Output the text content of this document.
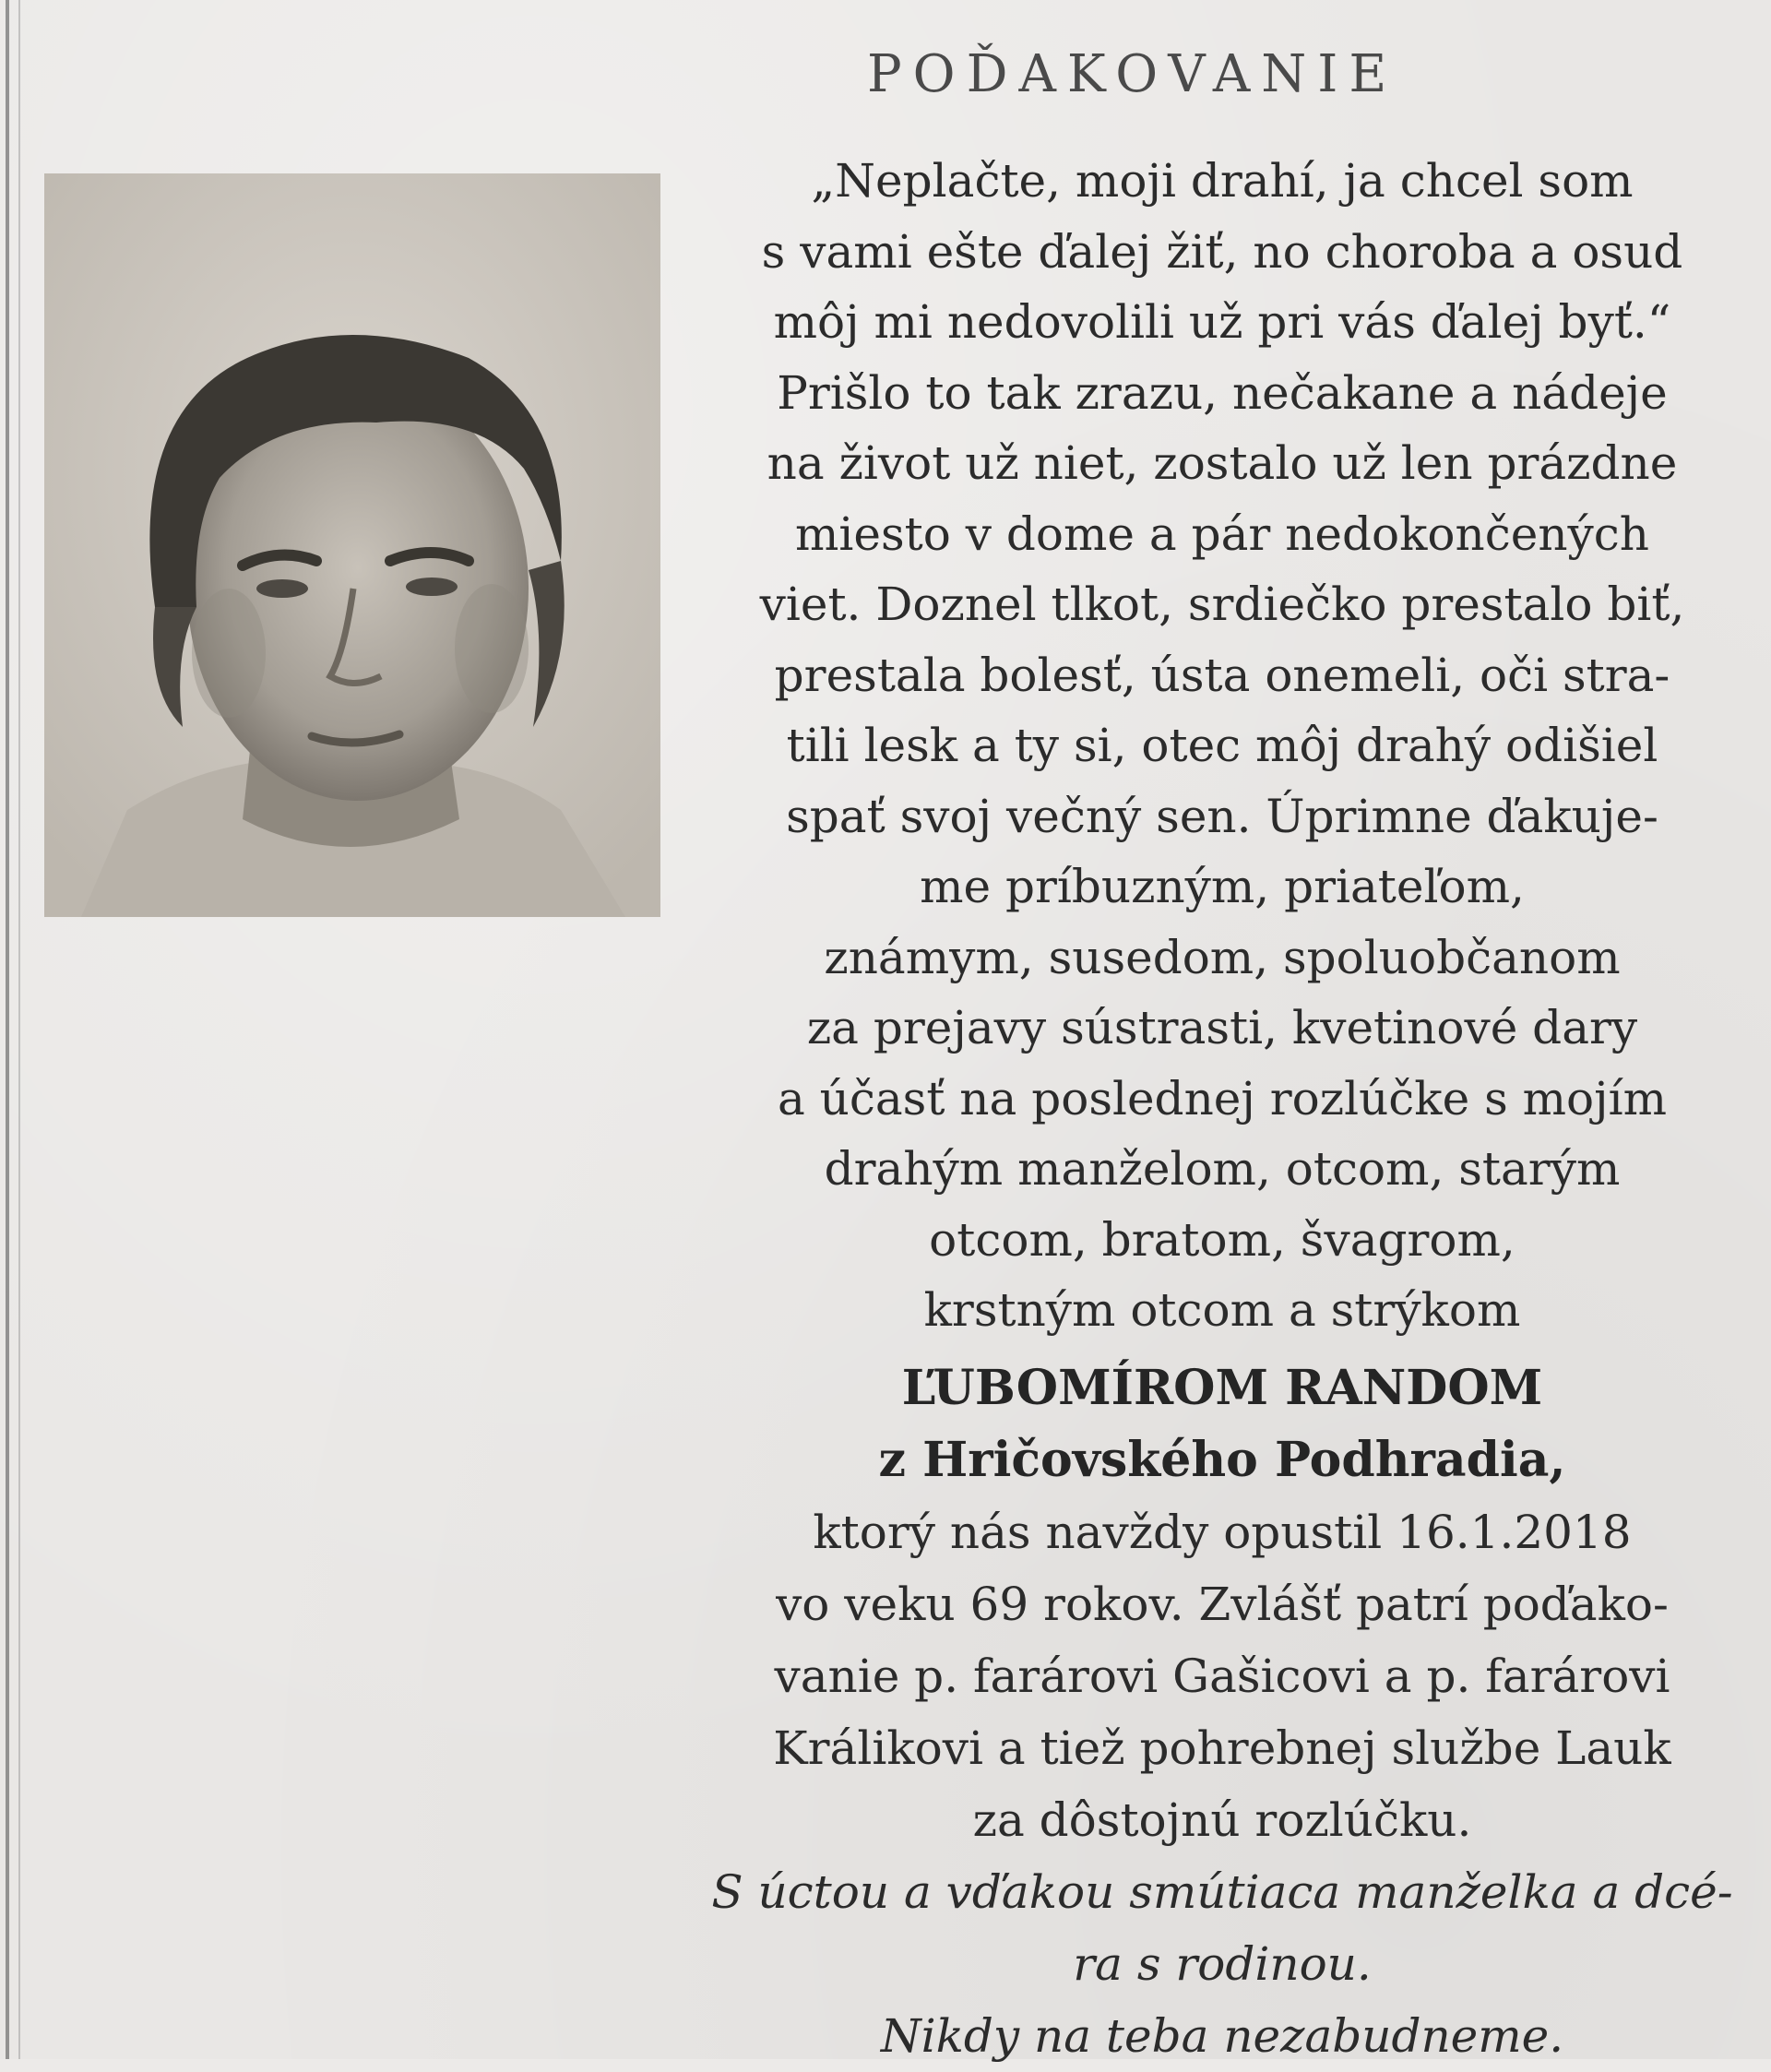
POĎAKOVANIE
„Neplačte, moji drahí, ja chcel som
s vami ešte ďalej žiť, no choroba a osud
môj mi nedovolili už pri vás ďalej byť.“
Prišlo to tak zrazu, nečakane a nádeje
na život už niet, zostalo už len prázdne
miesto v dome a pár nedokončených
viet. Doznel tlkot, srdiečko prestalo biť,
prestala bolesť, ústa onemeli, oči stra-
tili lesk a ty si, otec môj drahý odišiel
spať svoj večný sen. Úprimne ďakuje-
me príbuzným, priateľom,
známym, susedom, spoluobčanom
za prejavy sústrasti, kvetinové dary
a účasť na poslednej rozlúčke s mojím
drahým manželom, otcom, starým
otcom, bratom, švagrom,
krstným otcom a strýkom
ĽUBOMÍROM RANDOM
z Hričovského Podhradia,
ktorý nás navždy opustil 16.1.2018
vo veku 69 rokov. Zvlášť patrí poďako-
vanie p. farárovi Gašicovi a p. farárovi
Králikovi a tiež pohrebnej službe Lauk
za dôstojnú rozlúčku.
S úctou a vďakou smútiaca manželka a dcé-
ra s rodinou.
Nikdy na teba nezabudneme.
